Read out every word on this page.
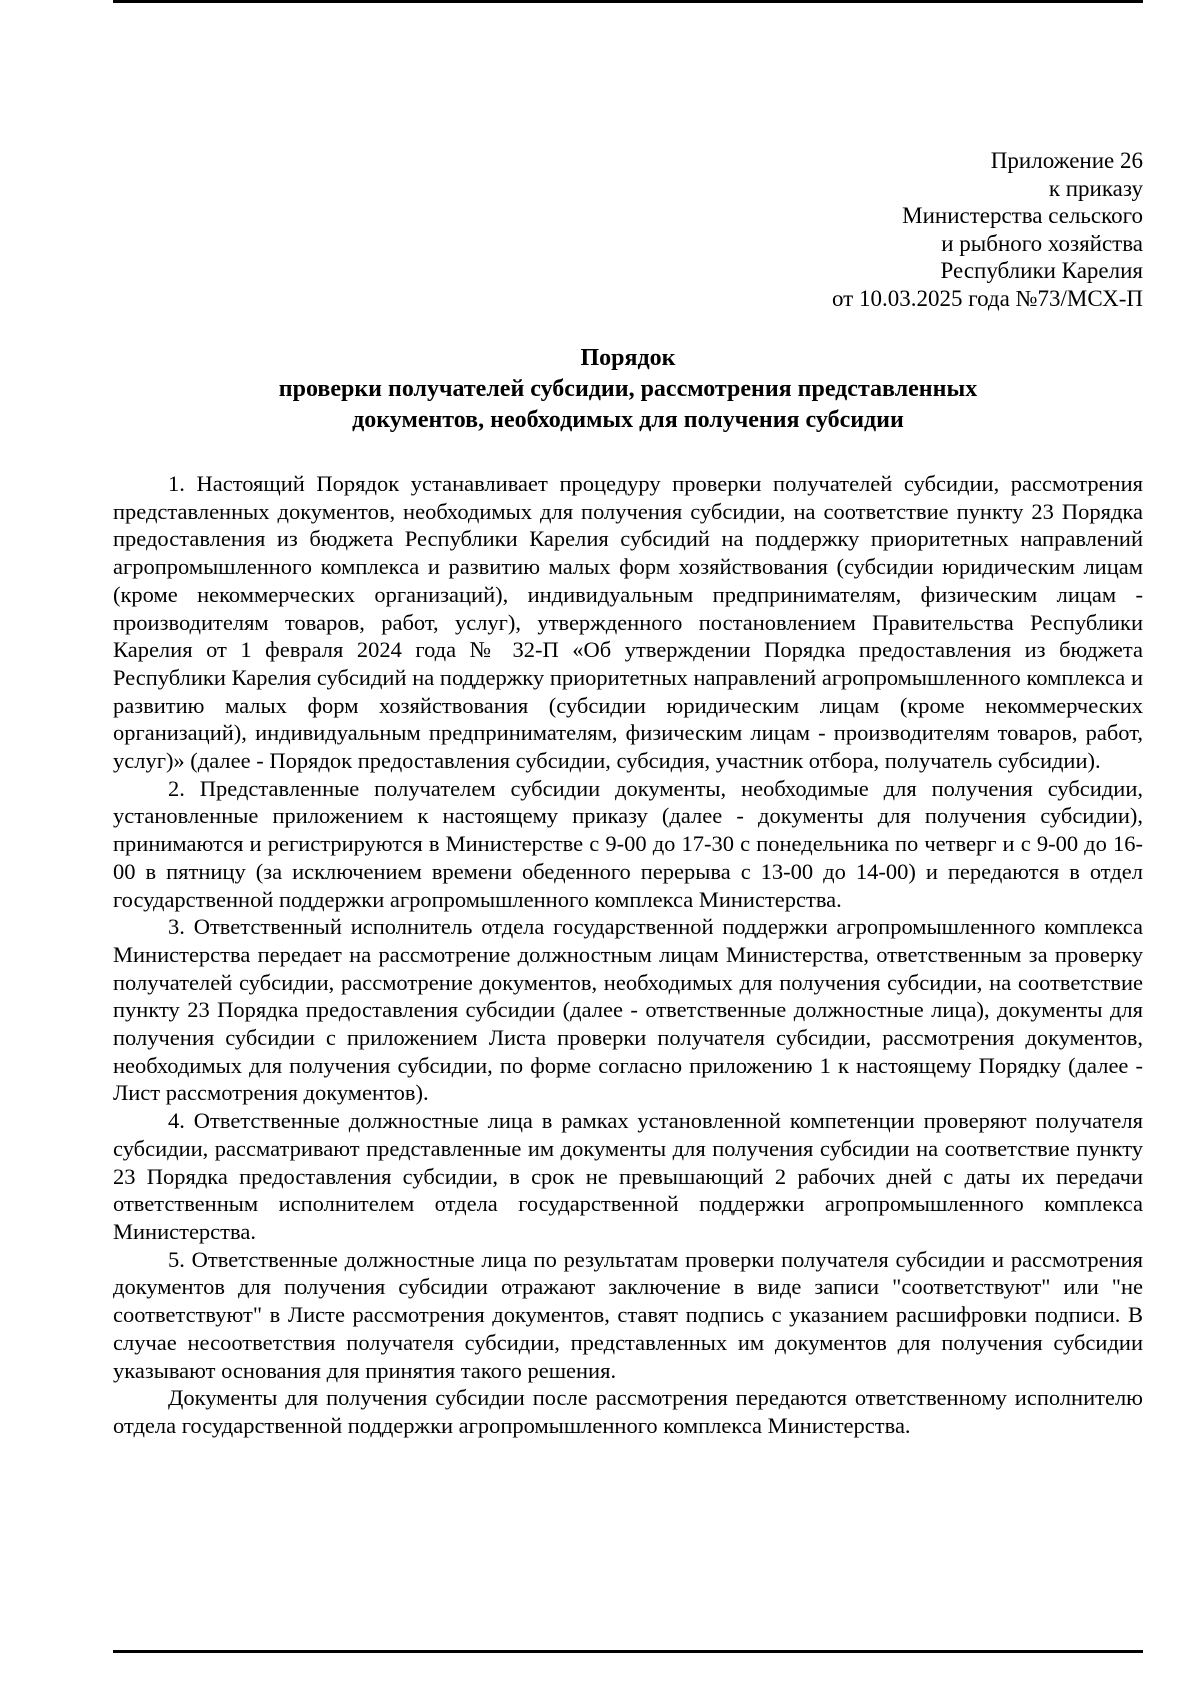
Приложение 26
к приказу
Министерства сельского
и рыбного хозяйства
Республики Карелия
от 10.03.2025 года №73/МСХ-П
Порядок
проверки получателей субсидии, рассмотрения представленных
документов, необходимых для получения субсидии

1. Настоящий Порядок устанавливает процедуру проверки получателей субсидии, рассмотрения представленных документов, необходимых для получения субсидии, на соответствие пункту 23 Порядка предоставления из бюджета Республики Карелия субсидий на поддержку приоритетных направлений агропромышленного комплекса и развитию малых форм хозяйствования (субсидии юридическим лицам (кроме некоммерческих организаций), индивидуальным предпринимателям, физическим лицам - производителям товаров, работ, услуг), утвержденного постановлением Правительства Республики Карелия от 1 февраля 2024 года № 32-П «Об утверждении Порядка предоставления из бюджета Республики Карелия субсидий на поддержку приоритетных направлений агропромышленного комплекса и развитию малых форм хозяйствования (субсидии юридическим лицам (кроме некоммерческих организаций), индивидуальным предпринимателям, физическим лицам - производителям товаров, работ, услуг)» (далее - Порядок предоставления субсидии, субсидия, участник отбора, получатель субсидии).

2. Представленные получателем субсидии документы, необходимые для получения субсидии, установленные приложением к настоящему приказу (далее - документы для получения субсидии), принимаются и регистрируются в Министерстве с 9-00 до 17-30 с понедельника по четверг и с 9-00 до 16-00 в пятницу (за исключением времени обеденного перерыва с 13-00 до 14-00) и передаются в отдел государственной поддержки агропромышленного комплекса Министерства.

3. Ответственный исполнитель отдела государственной поддержки агропромышленного комплекса Министерства передает на рассмотрение должностным лицам Министерства, ответственным за проверку получателей субсидии, рассмотрение документов, необходимых для получения субсидии, на соответствие пункту 23 Порядка предоставления субсидии (далее - ответственные должностные лица), документы для получения субсидии с приложением Листа проверки получателя субсидии, рассмотрения документов, необходимых для получения субсидии, по форме согласно приложению 1 к настоящему Порядку (далее - Лист рассмотрения документов).

4. Ответственные должностные лица в рамках установленной компетенции проверяют получателя субсидии, рассматривают представленные им документы для получения субсидии на соответствие пункту 23 Порядка предоставления субсидии, в срок не превышающий 2 рабочих дней с даты их передачи ответственным исполнителем отдела государственной поддержки агропромышленного комплекса Министерства.

5. Ответственные должностные лица по результатам проверки получателя субсидии и рассмотрения документов для получения субсидии отражают заключение в виде записи "соответствуют" или "не соответствуют" в Листе рассмотрения документов, ставят подпись с указанием расшифровки подписи. В случае несоответствия получателя субсидии, представленных им документов для получения субсидии указывают основания для принятия такого решения.

Документы для получения субсидии после рассмотрения передаются ответственному исполнителю отдела государственной поддержки агропромышленного комплекса Министерства.
